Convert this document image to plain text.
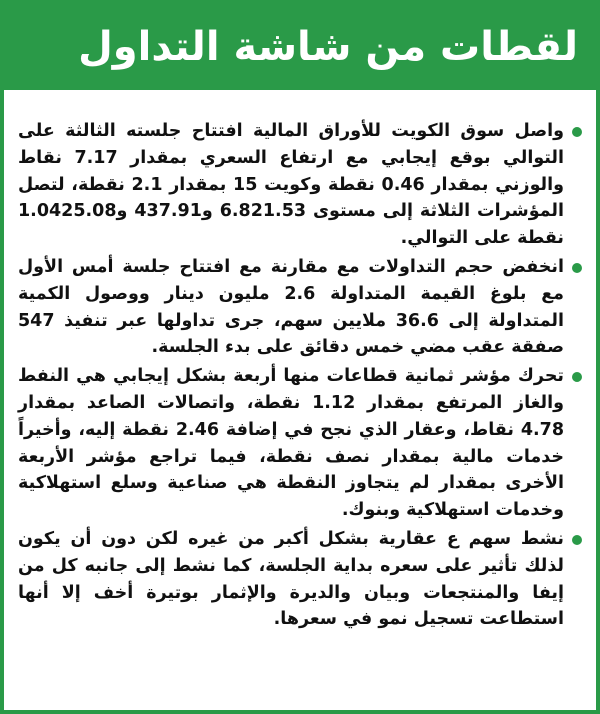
لقطات من شاشة التداول
واصل سوق الكويت للأوراق المالية افتتاح جلسته الثالثة على التوالي بوقع إيجابي مع ارتفاع السعري بمقدار 7.17 نقاط والوزني بمقدار 0.46 نقطة وكويت 15 بمقدار 2.1 نقطة، لتصل المؤشرات الثلاثة إلى مستوى 6.821.53 و437.91 و1.0425.08 نقطة على التوالي.
انخفض حجم التداولات مع مقارنة مع افتتاح جلسة أمس الأول مع بلوغ القيمة المتداولة 2.6 مليون دينار ووصول الكمية المتداولة إلى 36.6 ملايين سهم، جرى تداولها عبر تنفيذ 547 صفقة عقب مضي خمس دقائق على بدء الجلسة.
تحرك مؤشر ثمانية قطاعات منها أربعة بشكل إيجابي هي النفط والغاز المرتفع بمقدار 1.12 نقطة، واتصالات الصاعد بمقدار 4.78 نقاط، وعقار الذي نجح في إضافة 2.46 نقطة إليه، وأخيراً خدمات مالية بمقدار نصف نقطة، فيما تراجع مؤشر الأربعة الأخرى بمقدار لم يتجاوز النقطة هي صناعية وسلع استهلاكية وخدمات استهلاكية وبنوك.
نشط سهم ع عقارية بشكل أكبر من غيره لكن دون أن يكون لذلك تأثير على سعره بداية الجلسة، كما نشط إلى جانبه كل من إيفا والمنتجعات وبيان والديرة والإثمار بوتيرة أخف إلا أنها استطاعت تسجيل نمو في سعرها.
